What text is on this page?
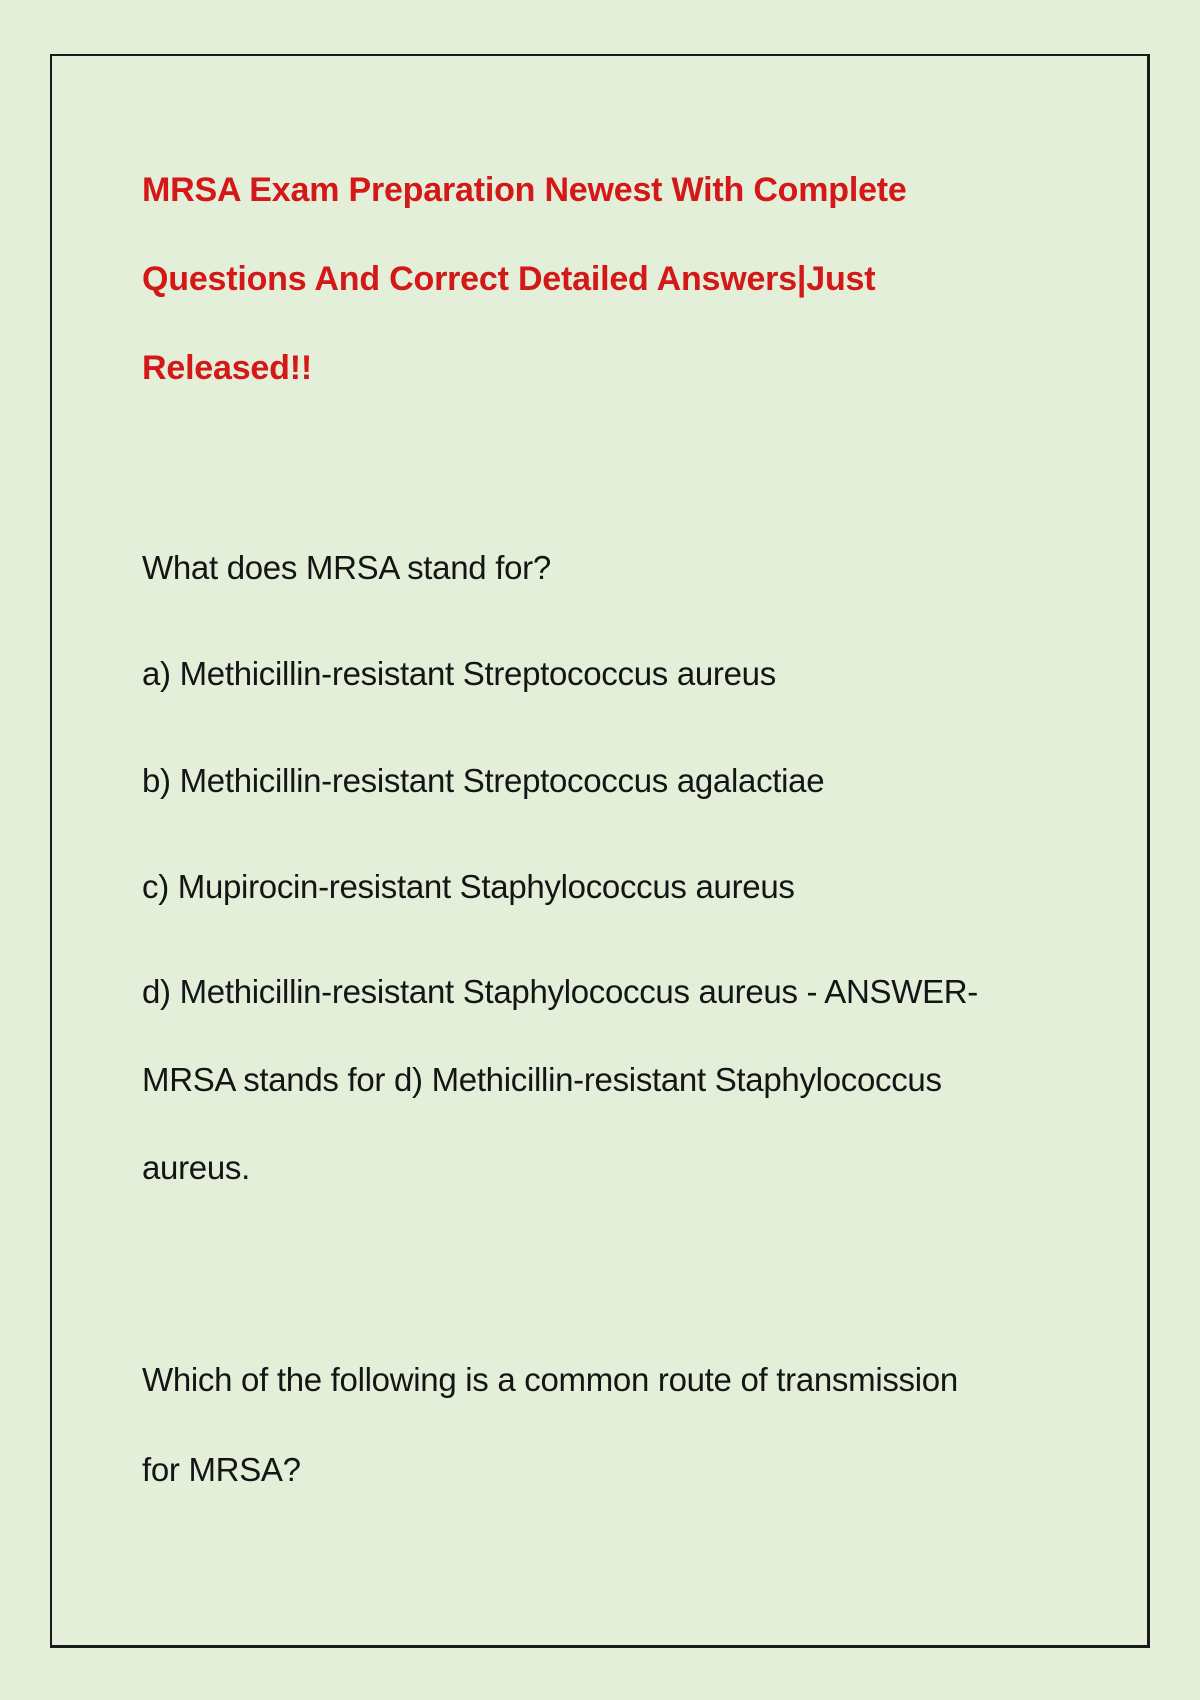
MRSA Exam Preparation Newest With Complete
Questions And Correct Detailed Answers|Just
Released!!

What does MRSA stand for?

a) Methicillin-resistant Streptococcus aureus

b) Methicillin-resistant Streptococcus agalactiae

c) Mupirocin-resistant Staphylococcus aureus

d) Methicillin-resistant Staphylococcus aureus - ANSWER-

MRSA stands for d) Methicillin-resistant Staphylococcus

aureus.

Which of the following is a common route of transmission

for MRSA?
